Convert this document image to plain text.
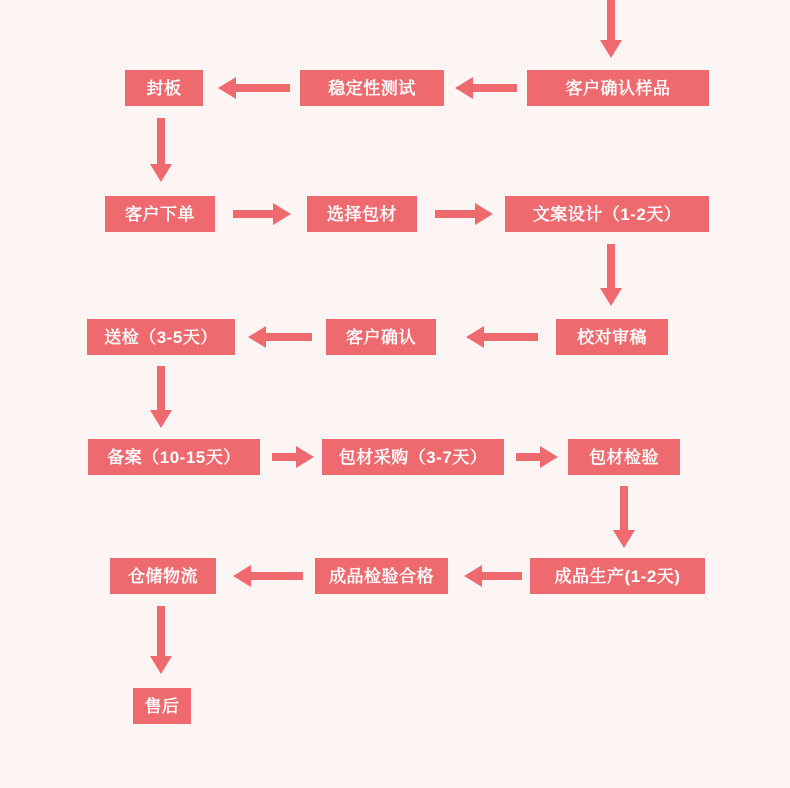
客户确认样品
稳定性测试
封板
客户下单	选择包材	文案设计（1-2天）
校对审稿
客户确认
送检（3-5天）
备案（10-15天）	包材采购（3-7天）	包材检验
成品生产(1-2天)
成品检验合格
仓储物流
售后
